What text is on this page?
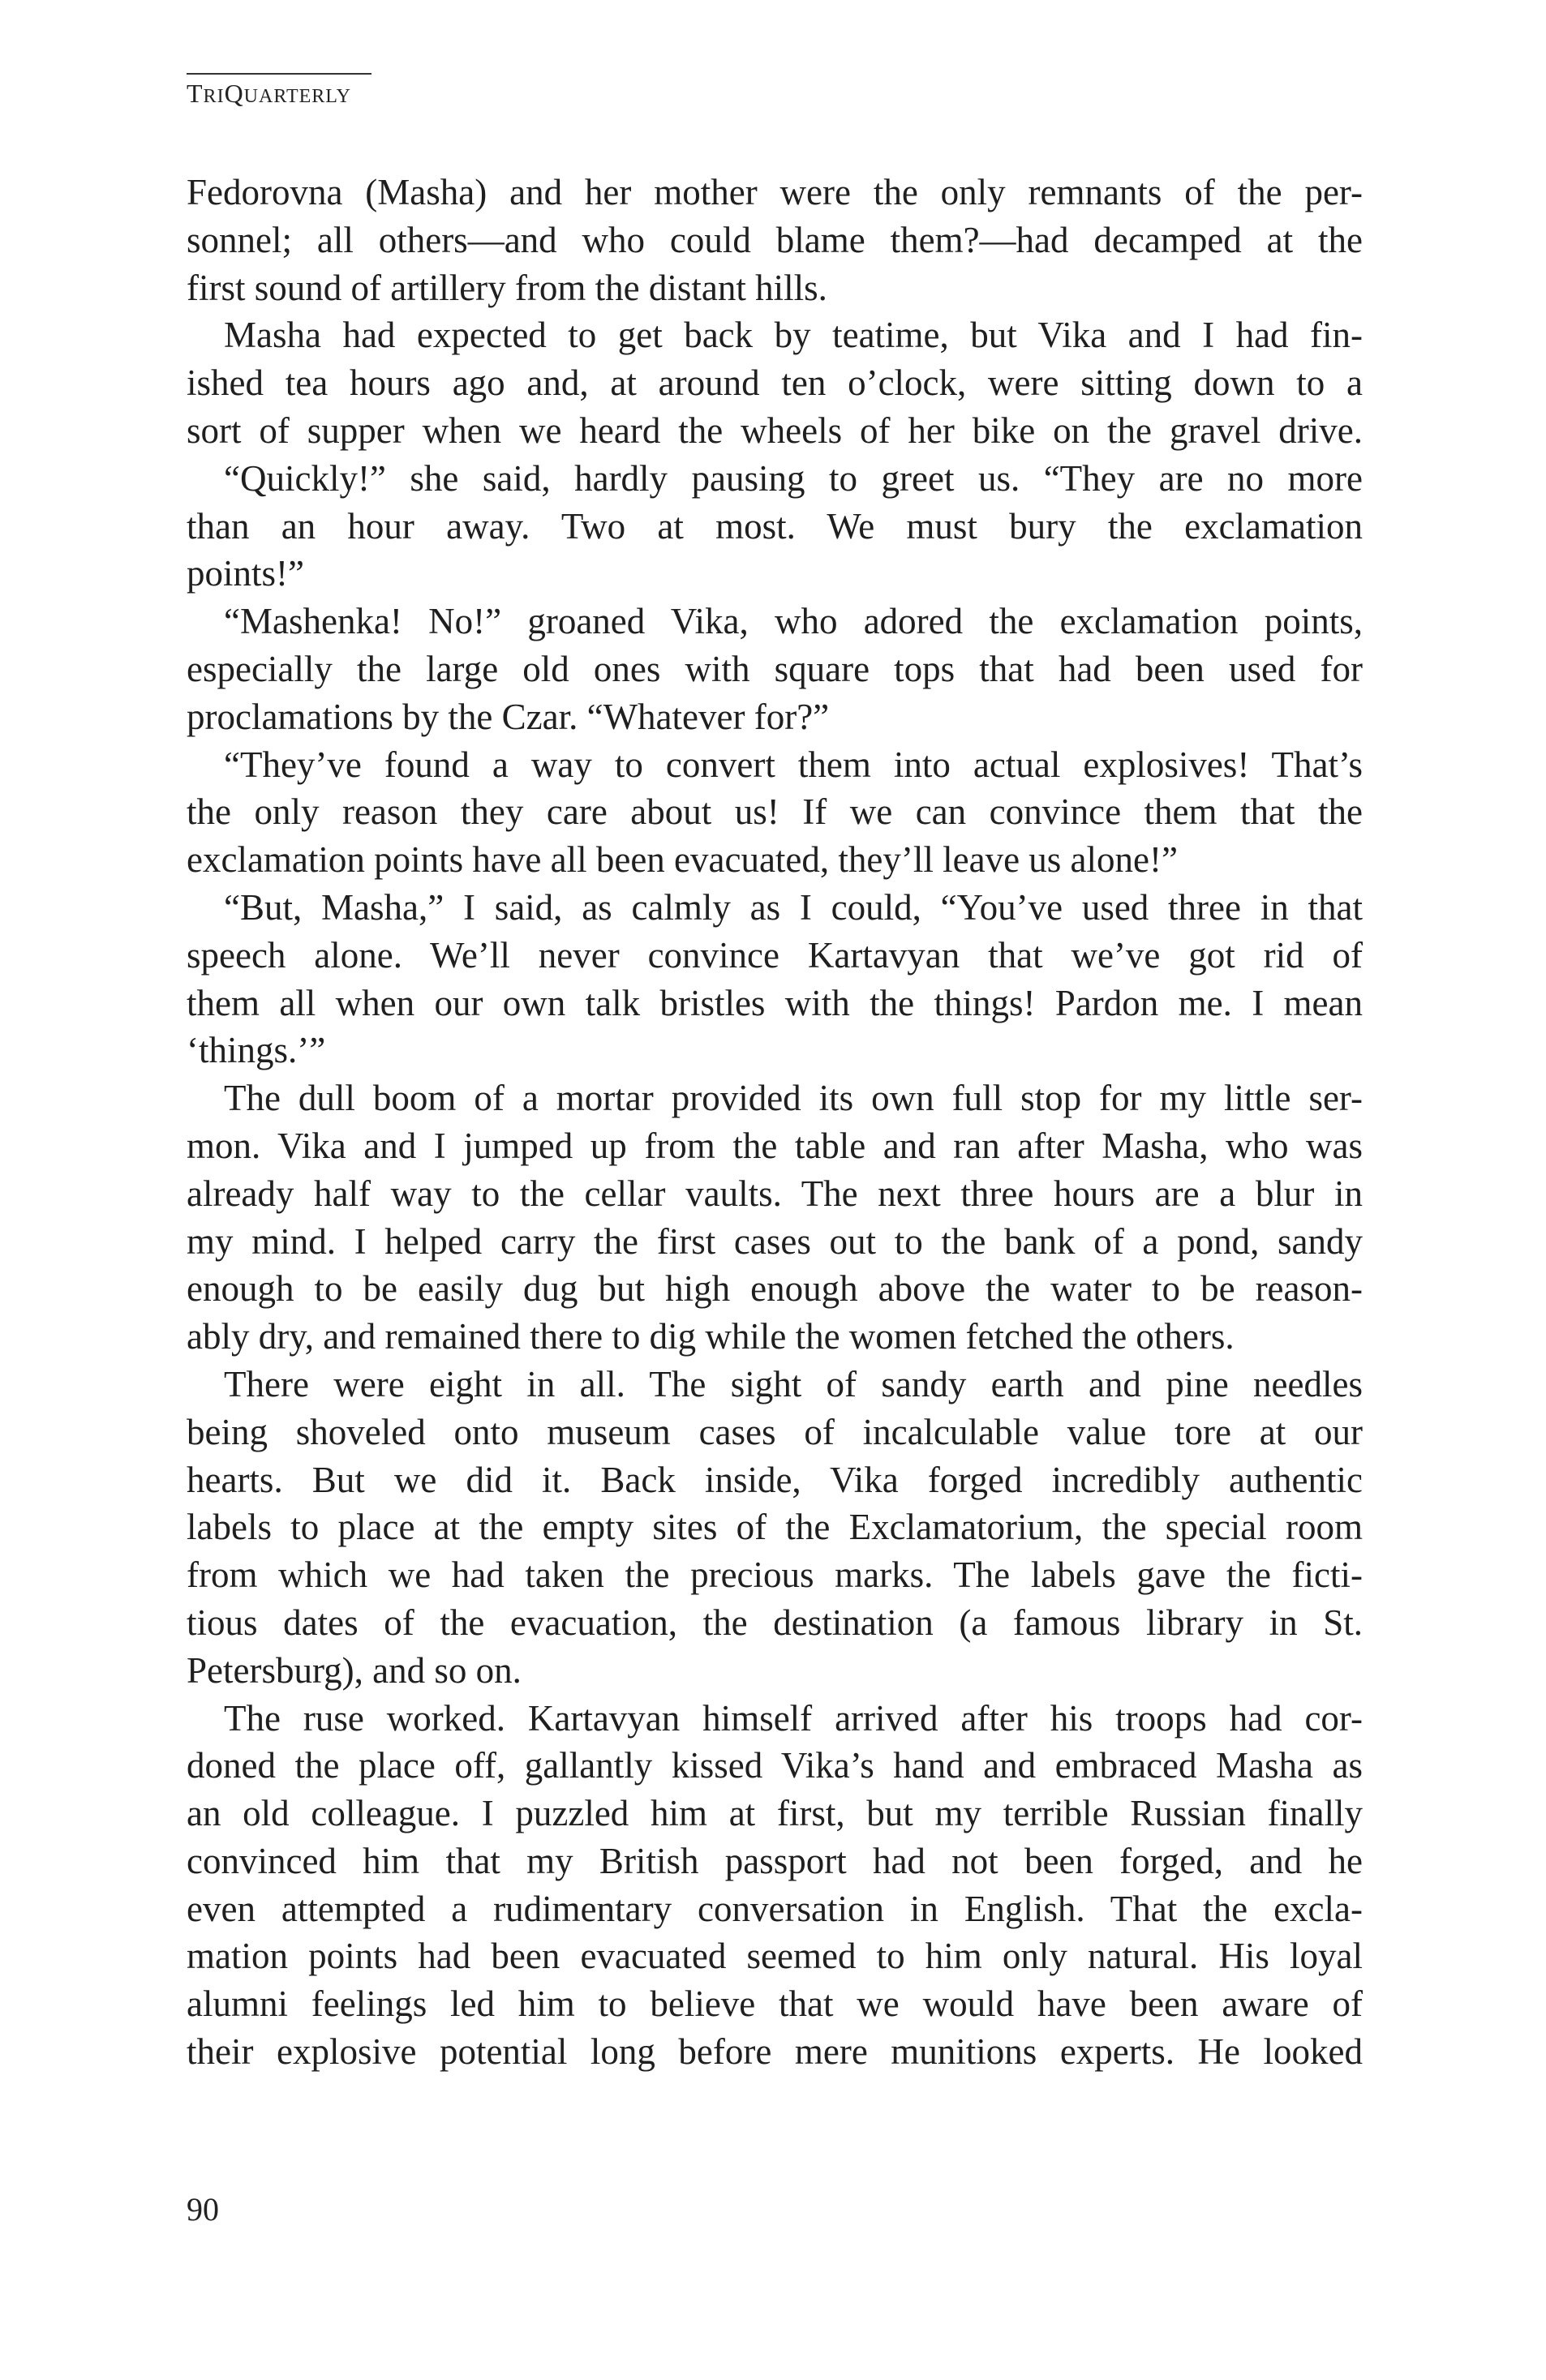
TRIQUARTERLY
Fedorovna (Masha) and her mother were the only remnants of the per-
sonnel; all others—and who could blame them?—had decamped at the
first sound of artillery from the distant hills.
Masha had expected to get back by teatime, but Vika and I had fin-
ished tea hours ago and, at around ten o’clock, were sitting down to a
sort of supper when we heard the wheels of her bike on the gravel drive.
“Quickly!” she said, hardly pausing to greet us. “They are no more
than an hour away. Two at most. We must bury the exclamation
points!”
“Mashenka! No!” groaned Vika, who adored the exclamation points,
especially the large old ones with square tops that had been used for
proclamations by the Czar. “Whatever for?”
“They’ve found a way to convert them into actual explosives! That’s
the only reason they care about us! If we can convince them that the
exclamation points have all been evacuated, they’ll leave us alone!”
“But, Masha,” I said, as calmly as I could, “You’ve used three in that
speech alone. We’ll never convince Kartavyan that we’ve got rid of
them all when our own talk bristles with the things! Pardon me. I mean
‘things.’”
The dull boom of a mortar provided its own full stop for my little ser-
mon. Vika and I jumped up from the table and ran after Masha, who was
already half way to the cellar vaults. The next three hours are a blur in
my mind. I helped carry the first cases out to the bank of a pond, sandy
enough to be easily dug but high enough above the water to be reason-
ably dry, and remained there to dig while the women fetched the others.
There were eight in all. The sight of sandy earth and pine needles
being shoveled onto museum cases of incalculable value tore at our
hearts. But we did it. Back inside, Vika forged incredibly authentic
labels to place at the empty sites of the Exclamatorium, the special room
from which we had taken the precious marks. The labels gave the ficti-
tious dates of the evacuation, the destination (a famous library in St.
Petersburg), and so on.
The ruse worked. Kartavyan himself arrived after his troops had cor-
doned the place off, gallantly kissed Vika’s hand and embraced Masha as
an old colleague. I puzzled him at first, but my terrible Russian finally
convinced him that my British passport had not been forged, and he
even attempted a rudimentary conversation in English. That the excla-
mation points had been evacuated seemed to him only natural. His loyal
alumni feelings led him to believe that we would have been aware of
their explosive potential long before mere munitions experts. He looked
90
